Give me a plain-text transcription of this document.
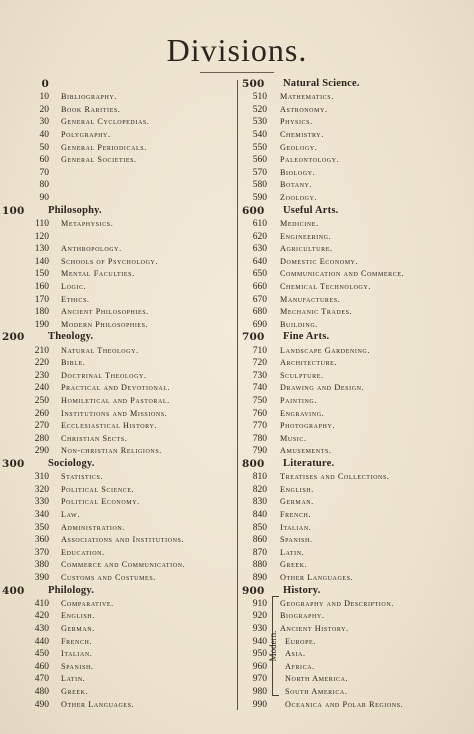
Divisions.
0
10 Bibliography.
20 Book Rarities.
30 General Cyclopedias.
40 Polygraphy.
50 General Periodicals.
60 General Societies.
70
80
90
100	Philosophy.
110 Metaphysics.
120
130 Anthropology.
140 Schools of Psychology.
150 Mental Faculties.
160 Logic.
170 Ethics.
180 Ancient Philosophies.
190 Modern Philosophies.
200	Theology.
210 Natural Theology.
220 Bible.
230 Doctrinal Theology.
240 Practical and Devotional.
250 Homiletical and Pastoral.
260 Institutions and Missions.
270 Ecclesiastical History.
280 Christian Sects.
290 Non-christian Religions.
300	Sociology.
310 Statistics.
320 Political Science.
330 Political Economy.
340 Law.
350 Administration.
360 Associations and Institutions.
370 Education.
380 Commerce and Communication.
390 Customs and Costumes.
400	Philology.
410 Comparative.
420 English.
430 German.
440 French.
450 Italian.
460 Spanish.
470 Latin.
480 Greek.
490 Other Languages.
500	Natural Science.
510 Mathematics.
520 Astronomy.
530 Physics.
540 Chemistry.
550 Geology.
560 Paleontology.
570 Biology.
580 Botany.
590 Zoology.
600	Useful Arts.
610 Medicine.
620 Engineering.
630 Agriculture.
640 Domestic Economy.
650 Communication and Commerce.
660 Chemical Technology.
670 Manufactures.
680 Mechanic Trades.
690 Building.
700	Fine Arts.
710 Landscape Gardening.
720 Architecture.
730 Sculpture.
740 Drawing and Design.
750 Painting.
760 Engraving.
770 Photography.
780 Music.
790 Amusements.
800	Literature.
810 Treatises and Collections.
820 English.
830 German.
840 French.
850 Italian.
860 Spanish.
870 Latin.
880 Greek.
890 Other Languages.
900	History.
910 Geography and Description.
920 Biography.
930 Ancient History.
940 Europe.
950 Asia.
960 Africa.
970 North America.
980 South America.
990 Oceanica and Polar Regions.
Modern.
